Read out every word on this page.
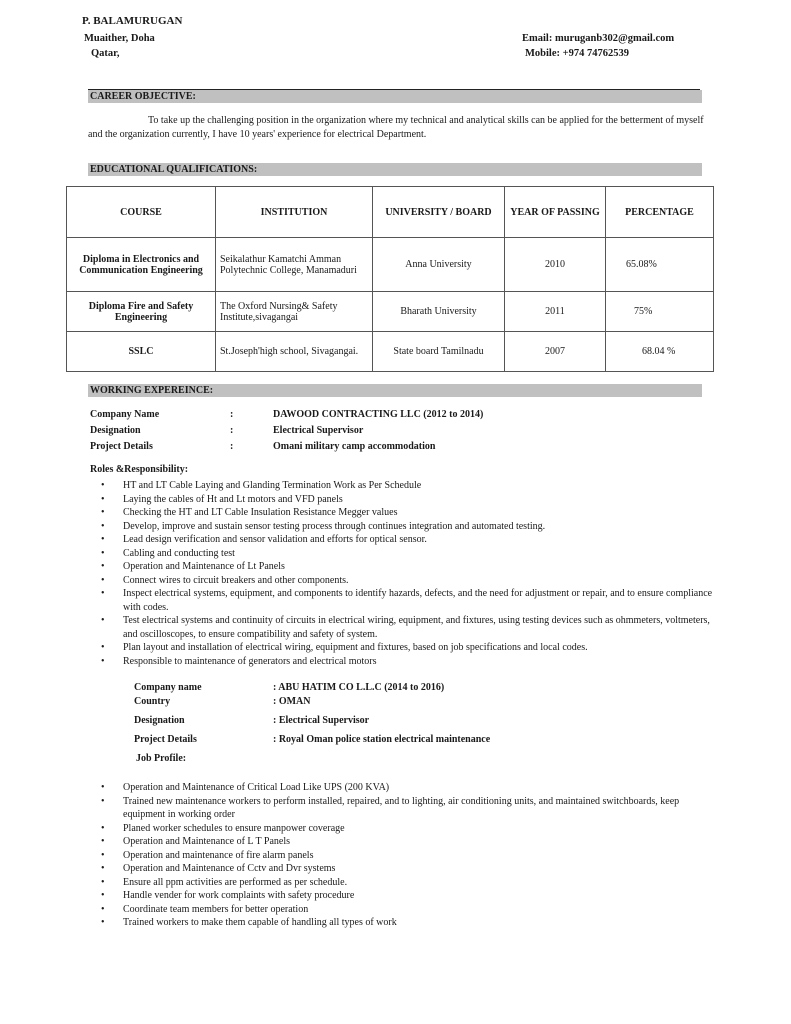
P. BALAMURUGAN
Muaither, Doha
Qatar,
Email: muruganb302@gmail.com
Mobile: +974 74762539
CAREER OBJECTIVE:

To take up the challenging position in the organization where my technical and analytical skills can be applied for the betterment of myself and the organization currently, I have 10 years' experience for electrical Department.

EDUCATIONAL QUALIFICATIONS:
COURSE	INSTITUTION	UNIVERSITY / BOARD	YEAR OF PASSING	PERCENTAGE
Diploma in Electronics and Communication Engineering	Seikalathur Kamatchi Amman Polytechnic College, Manamaduri	Anna University	2010	65.08%
Diploma Fire and Safety Engineering	The Oxford Nursing& Safety Institute,sivagangai	Bharath University	2011	75%
SSLC	St.Joseph'high school, Sivagangai.	State board Tamilnadu	2007	68.04 %
WORKING EXPEREINCE:
Company Name	:	DAWOOD CONTRACTING LLC (2012 to 2014)
Designation	:	Electrical Supervisor
Project Details	:	Omani military camp accommodation
Roles &Responsibility:
• HT and LT Cable Laying and Glanding Termination Work as Per Schedule
• Laying the cables of Ht and Lt motors and VFD panels
• Checking the HT and LT Cable Insulation Resistance Megger values
• Develop, improve and sustain sensor testing process through continues integration and automated testing.
• Lead design verification and sensor validation and efforts for optical sensor.
• Cabling and conducting test
• Operation and Maintenance of Lt Panels
• Connect wires to circuit breakers and other components.
• Inspect electrical systems, equipment, and components to identify hazards, defects, and the need for adjustment or repair, and to ensure compliance with codes.
• Test electrical systems and continuity of circuits in electrical wiring, equipment, and fixtures, using testing devices such as ohmmeters, voltmeters, and oscilloscopes, to ensure compatibility and safety of system.
• Plan layout and installation of electrical wiring, equipment and fixtures, based on job specifications and local codes.
• Responsible to maintenance of generators and electrical motors
Company name	: ABU HATIM CO L.L.C (2014 to 2016)
Country	: OMAN
Designation	: Electrical Supervisor
Project Details	: Royal Oman police station electrical maintenance
Job Profile:
• Operation and Maintenance of Critical Load Like UPS (200 KVA)
• Trained new maintenance workers to perform installed, repaired, and to lighting, air conditioning units, and maintained switchboards, keep equipment in working order
• Planed worker schedules to ensure manpower coverage
• Operation and Maintenance of L T Panels
• Operation and maintenance of fire alarm panels
• Operation and Maintenance of Cctv and Dvr systems
• Ensure all ppm activities are performed as per schedule.
• Handle vender for work complaints with safety procedure
• Coordinate team members for better operation
• Trained workers to make them capable of handling all types of work
